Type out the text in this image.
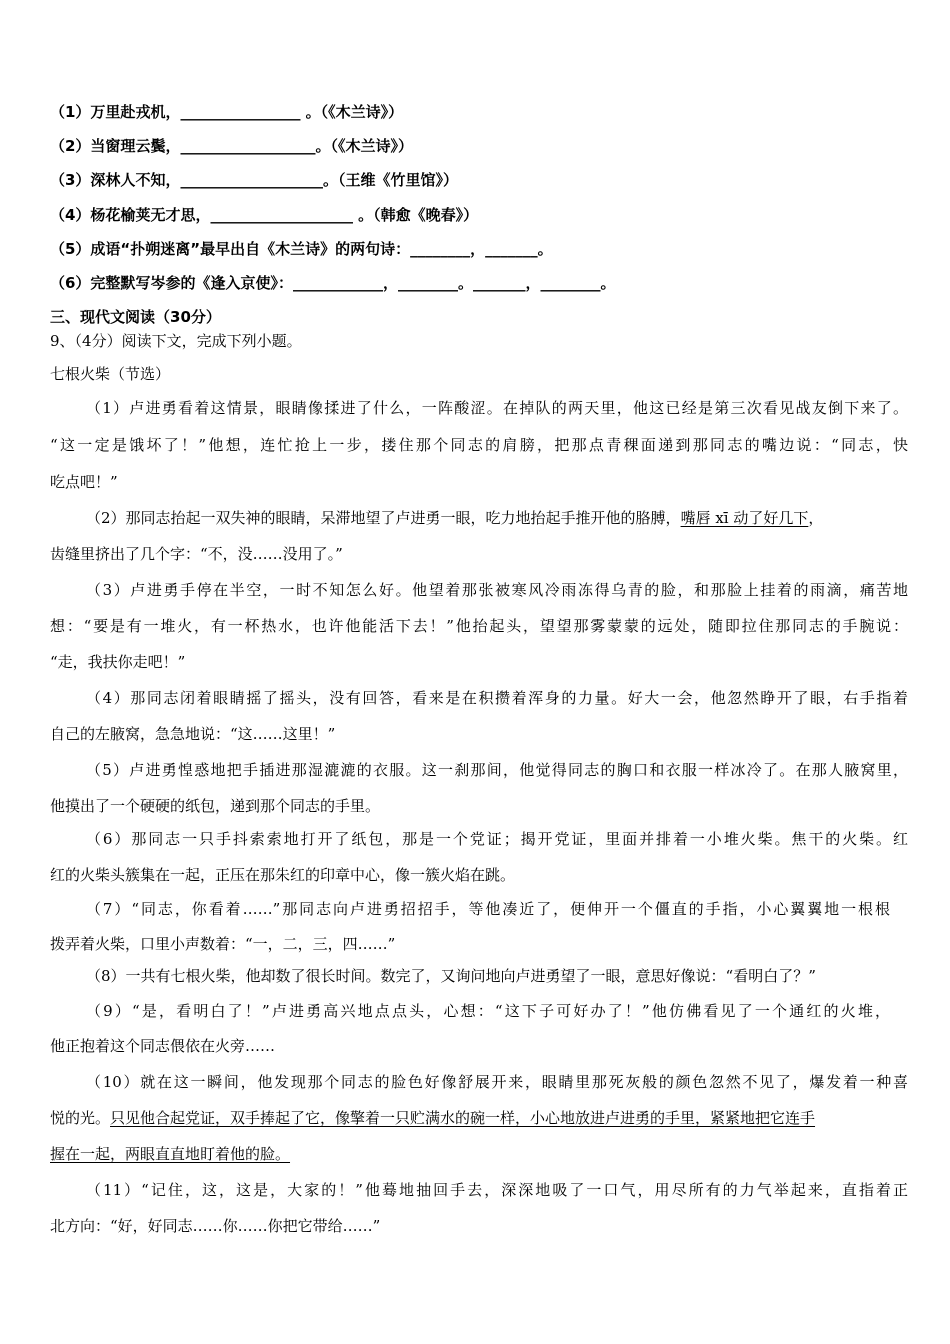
（1）万里赴戎机，________________ 。（《木兰诗》）
（2）当窗理云鬓，__________________。（《木兰诗》）
（3）深林人不知，___________________。（王维《竹里馆》）
（4）杨花榆荚无才思，___________________ 。（韩愈《晚春》）
（5）成语“扑朔迷离”最早出自《木兰诗》的两句诗：________，_______。
（6）完整默写岑参的《逢入京使》：____________，________。_______，________。
三、现代文阅读（30分）
9、（4分）阅读下文，完成下列小题。
七根火柴（节选）
（1）卢进勇看着这情景，眼睛像揉进了什么，一阵酸涩。在掉队的两天里，他这已经是第三次看见战友倒下来了。
“这一定是饿坏了！”他想，连忙抢上一步，搂住那个同志的肩膀，把那点青稞面递到那同志的嘴边说：“同志，快
吃点吧！”
（2）那同志抬起一双失神的眼睛，呆滞地望了卢进勇一眼，吃力地抬起手推开他的胳膊，嘴唇 xī 动了好几下，
齿缝里挤出了几个字：“不，没……没用了。”
（3）卢进勇手停在半空，一时不知怎么好。他望着那张被寒风冷雨冻得乌青的脸，和那脸上挂着的雨滴，痛苦地
想：“要是有一堆火，有一杯热水，也许他能活下去！”他抬起头，望望那雾蒙蒙的远处，随即拉住那同志的手腕说：
“走，我扶你走吧！”
（4）那同志闭着眼睛摇了摇头，没有回答，看来是在积攒着浑身的力量。好大一会，他忽然睁开了眼，右手指着
自己的左腋窝，急急地说：“这……这里！”
（5）卢进勇惶惑地把手插进那湿漉漉的衣服。这一刹那间，他觉得同志的胸口和衣服一样冰冷了。在那人腋窝里，
他摸出了一个硬硬的纸包，递到那个同志的手里。
（6）那同志一只手抖索索地打开了纸包，那是一个党证；揭开党证，里面并排着一小堆火柴。焦干的火柴。红
红的火柴头簇集在一起，正压在那朱红的印章中心，像一簇火焰在跳。
（7）“同志，你看着……”那同志向卢进勇招招手，等他凑近了，便伸开一个僵直的手指，小心翼翼地一根根
拨弄着火柴，口里小声数着：“一，二，三，四……”
（8）一共有七根火柴，他却数了很长时间。数完了，又询问地向卢进勇望了一眼，意思好像说：“看明白了？”
（9）“是，看明白了！”卢进勇高兴地点点头，心想：“这下子可好办了！”他仿佛看见了一个通红的火堆，
他正抱着这个同志偎依在火旁……
（10）就在这一瞬间，他发现那个同志的脸色好像舒展开来，眼睛里那死灰般的颜色忽然不见了，爆发着一种喜
悦的光。只见他合起党证，双手捧起了它，像擎着一只贮满水的碗一样，小心地放进卢进勇的手里，紧紧地把它连手
握在一起，两眼直直地盯着他的脸。
（11）“记住，这，这是，大家的！”他蓦地抽回手去，深深地吸了一口气，用尽所有的力气举起来，直指着正
北方向：“好，好同志……你……你把它带给……”
